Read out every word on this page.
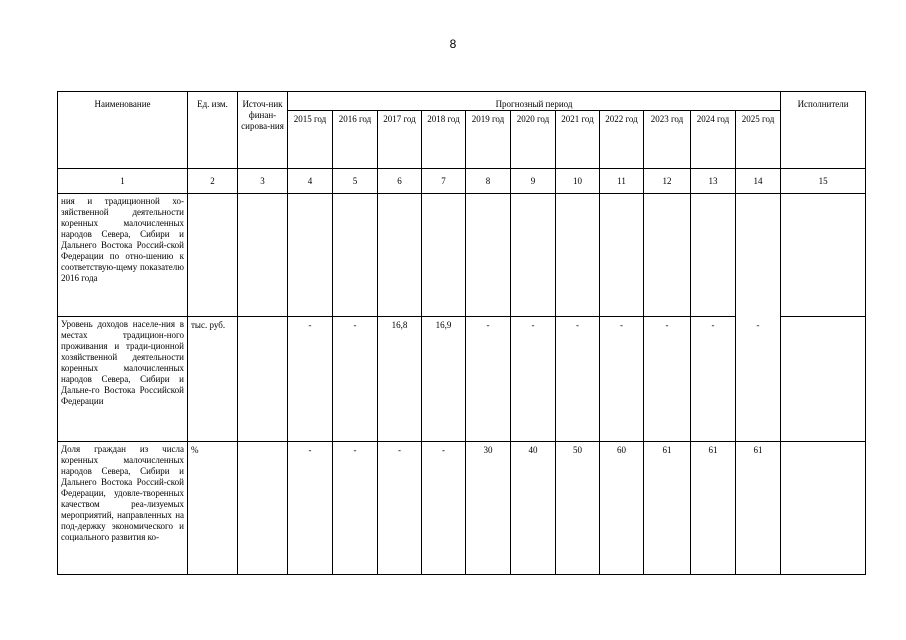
8
Наименование	Ед. изм.	Источ-ник финан-сирова-ния	Прогнозный период											Исполнители
			2015 год	2016 год	2017 год	2018 год	2019 год	2020 год	2021 год	2022 год	2023 год	2024 год	2025 год	
1	2	3	4	5	6	7	8	9	10	11	12	13	14	15
ния и традиционной хо-зяйственной деятельности коренных малочисленных народов Севера, Сибири и Дальнего Востока Россий-ской Федерации по отно-шению к соответствую-щему показателю 2016 года														
Уровень доходов населе-ния в местах традицион-ного проживания и тради-ционной хозяйственной деятельности коренных малочисленных народов Севера, Сибири и Дальне-го Востока Российской Федерации	тыс. руб.		-	-	16,8	16,9	-	-	-	-	-	-	-	
Доля граждан из числа коренных малочисленных народов Севера, Сибири и Дальнего Востока Россий-ской Федерации, удовле-творенных качеством реа-лизуемых мероприятий, направленных на под-держку экономического и социального развития ко-	%		-	-	-	-	30	40	50	60	61	61	61	
